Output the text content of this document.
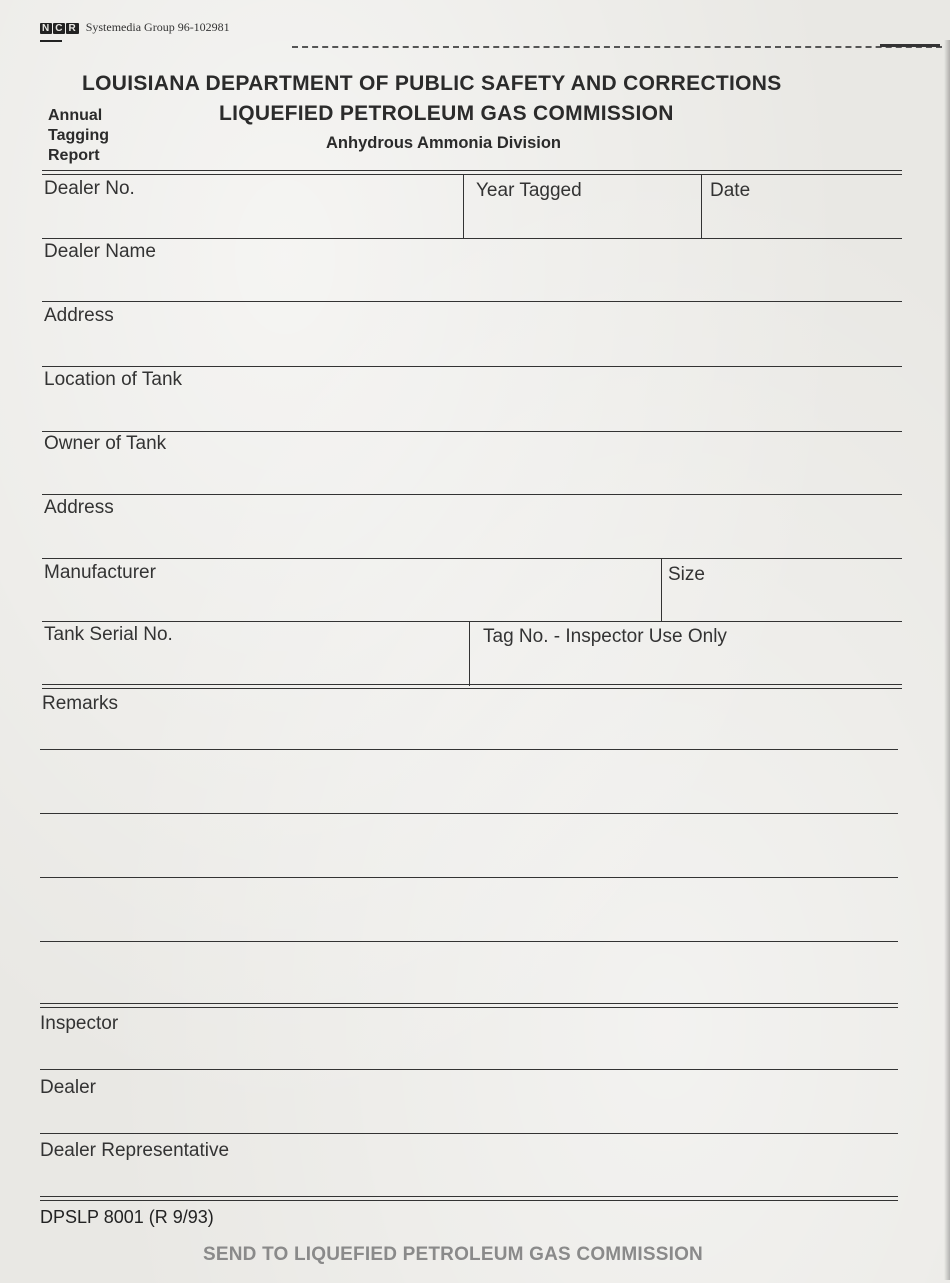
N C R Systemedia Group 96-102981
LOUISIANA DEPARTMENT OF PUBLIC SAFETY AND CORRECTIONS
LIQUEFIED PETROLEUM GAS COMMISSION
Anhydrous Ammonia Division
Annual
Tagging
Report
Dealer No.	Year Tagged	Date
Dealer Name
Address
Location of Tank
Owner of Tank
Address
Manufacturer	Size
Tank Serial No.	Tag No. - Inspector Use Only
Remarks
Inspector
Dealer
Dealer Representative
DPSLP 8001 (R 9/93)
SEND TO LIQUEFIED PETROLEUM GAS COMMISSION
